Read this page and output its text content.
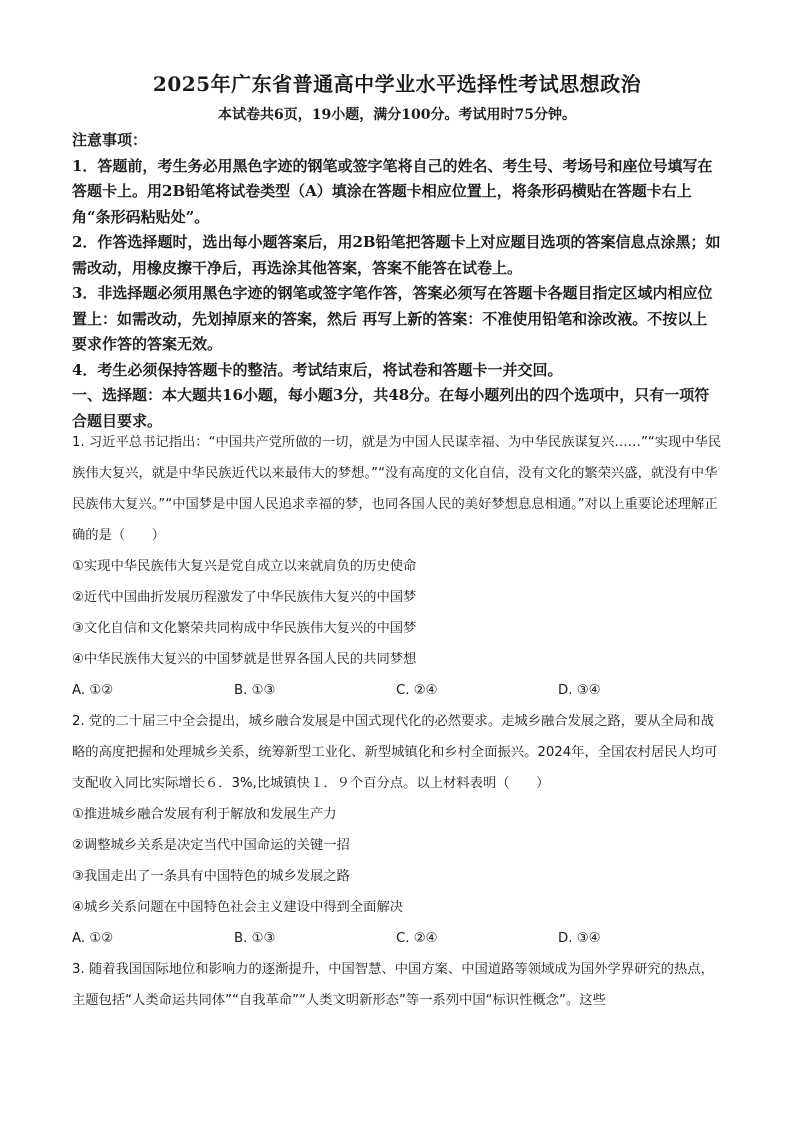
2025年广东省普通高中学业水平选择性考试思想政治
本试卷共6页，19小题，满分100分。考试用时75分钟。

注意事项：

1．答题前，考生务必用黑色字迹的钢笔或签字笔将自己的姓名、考生号、考场号和座位号填写在答题卡上。用2B铅笔将试卷类型（A）填涂在答题卡相应位置上，将条形码横贴在答题卡右上角“条形码粘贴处”。

2．作答选择题时，选出每小题答案后，用2B铅笔把答题卡上对应题目选项的答案信息点涂黑；如需改动，用橡皮擦干净后，再选涂其他答案，答案不能答在试卷上。

3．非选择题必须用黑色字迹的钢笔或签字笔作答，答案必须写在答题卡各题目指定区域内相应位置上：如需改动，先划掉原来的答案，然后 再写上新的答案：不准使用铅笔和涂改液。不按以上要求作答的答案无效。

4．考生必须保持答题卡的整洁。考试结束后，将试卷和答题卡一并交回。

一、选择题：本大题共16小题，每小题3分，共48分。在每小题列出的四个选项中，只有一项符合题目要求。

1. 习近平总书记指出：“中国共产党所做的一切，就是为中国人民谋幸福、为中华民族谋复兴……”“实现中华民族伟大复兴，就是中华民族近代以来最伟大的梦想。”“没有高度的文化自信，没有文化的繁荣兴盛，就没有中华民族伟大复兴。”“中国梦是中国人民追求幸福的梦，也同各国人民的美好梦想息息相通。”对以上重要论述理解正确的是（　　）

①实现中华民族伟大复兴是党自成立以来就肩负的历史使命

②近代中国曲折发展历程激发了中华民族伟大复兴的中国梦

③文化自信和文化繁荣共同构成中华民族伟大复兴的中国梦

④中华民族伟大复兴的中国梦就是世界各国人民的共同梦想

A. ①②	B. ①③	C. ②④	D. ③④

2. 党的二十届三中全会提出，城乡融合发展是中国式现代化的必然要求。走城乡融合发展之路，要从全局和战略的高度把握和处理城乡关系，统筹新型工业化、新型城镇化和乡村全面振兴。2024年，全国农村居民人均可支配收入同比实际增长６．3%,比城镇快１．９个百分点。以上材料表明（　　）

①推进城乡融合发展有利于解放和发展生产力

②调整城乡关系是决定当代中国命运的关键一招

③我国走出了一条具有中国特色的城乡发展之路

④城乡关系问题在中国特色社会主义建设中得到全面解决

A. ①②	B. ①③	C. ②④	D. ③④

3. 随着我国国际地位和影响力的逐渐提升，中国智慧、中国方案、中国道路等领域成为国外学界研究的热点，主题包括“人类命运共同体”“自我革命”“人类文明新形态”等一系列中国“标识性概念”。这些
